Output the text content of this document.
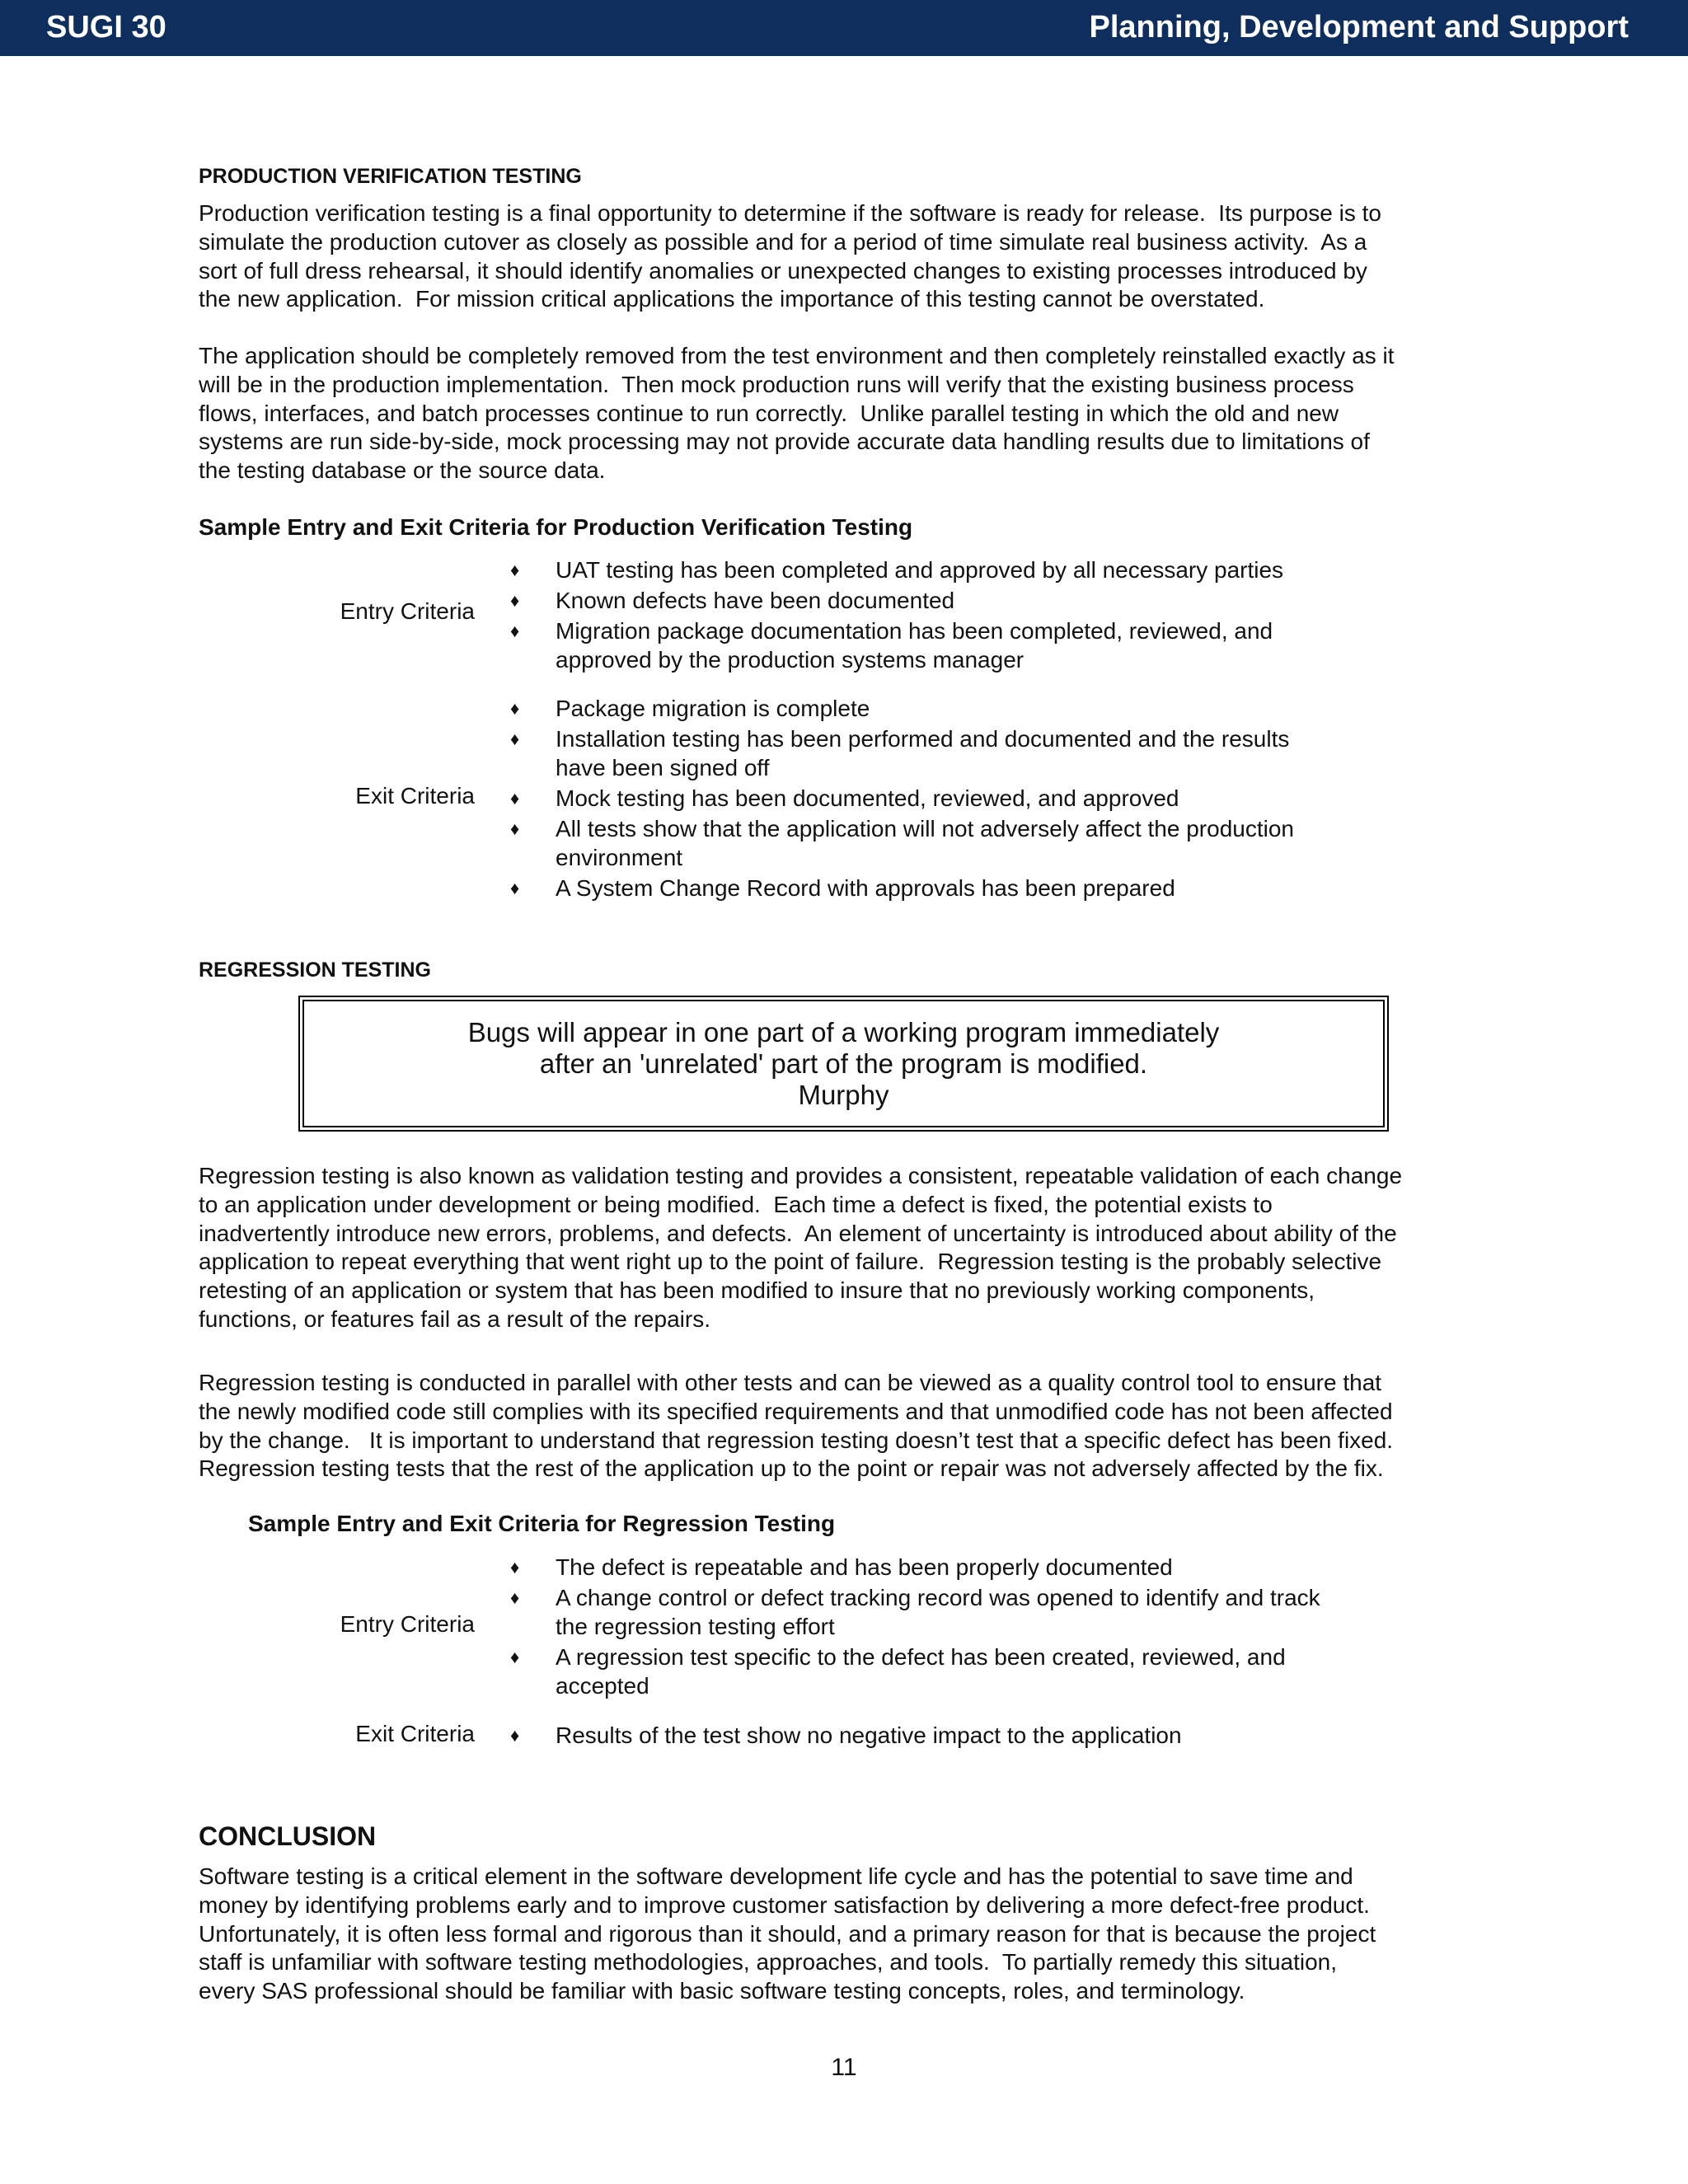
SUGI 30	Planning, Development and Support
PRODUCTION VERIFICATION TESTING
Production verification testing is a final opportunity to determine if the software is ready for release.  Its purpose is to
simulate the production cutover as closely as possible and for a period of time simulate real business activity.  As a
sort of full dress rehearsal, it should identify anomalies or unexpected changes to existing processes introduced by
the new application.  For mission critical applications the importance of this testing cannot be overstated.
The application should be completely removed from the test environment and then completely reinstalled exactly as it
will be in the production implementation.  Then mock production runs will verify that the existing business process
flows, interfaces, and batch processes continue to run correctly.  Unlike parallel testing in which the old and new
systems are run side-by-side, mock processing may not provide accurate data handling results due to limitations of
the testing database or the source data.
Sample Entry and Exit Criteria for Production Verification Testing
Entry Criteria
♦ UAT testing has been completed and approved by all necessary parties
♦ Known defects have been documented
♦ Migration package documentation has been completed, reviewed, and
approved by the production systems manager
Exit Criteria
♦ Package migration is complete
♦ Installation testing has been performed and documented and the results
have been signed off
♦ Mock testing has been documented, reviewed, and approved
♦ All tests show that the application will not adversely affect the production
environment
♦ A System Change Record with approvals has been prepared
REGRESSION TESTING
Bugs will appear in one part of a working program immediately
after an 'unrelated' part of the program is modified.
Murphy
Regression testing is also known as validation testing and provides a consistent, repeatable validation of each change
to an application under development or being modified.  Each time a defect is fixed, the potential exists to
inadvertently introduce new errors, problems, and defects.  An element of uncertainty is introduced about ability of the
application to repeat everything that went right up to the point of failure.  Regression testing is the probably selective
retesting of an application or system that has been modified to insure that no previously working components,
functions, or features fail as a result of the repairs.
Regression testing is conducted in parallel with other tests and can be viewed as a quality control tool to ensure that
the newly modified code still complies with its specified requirements and that unmodified code has not been affected
by the change.   It is important to understand that regression testing doesn’t test that a specific defect has been fixed.
Regression testing tests that the rest of the application up to the point or repair was not adversely affected by the fix.
Sample Entry and Exit Criteria for Regression Testing
Entry Criteria
♦ The defect is repeatable and has been properly documented
♦ A change control or defect tracking record was opened to identify and track
the regression testing effort
♦ A regression test specific to the defect has been created, reviewed, and
accepted
Exit Criteria ♦ Results of the test show no negative impact to the application
CONCLUSION
Software testing is a critical element in the software development life cycle and has the potential to save time and
money by identifying problems early and to improve customer satisfaction by delivering a more defect-free product.
Unfortunately, it is often less formal and rigorous than it should, and a primary reason for that is because the project
staff is unfamiliar with software testing methodologies, approaches, and tools.  To partially remedy this situation,
every SAS professional should be familiar with basic software testing concepts, roles, and terminology.
11
